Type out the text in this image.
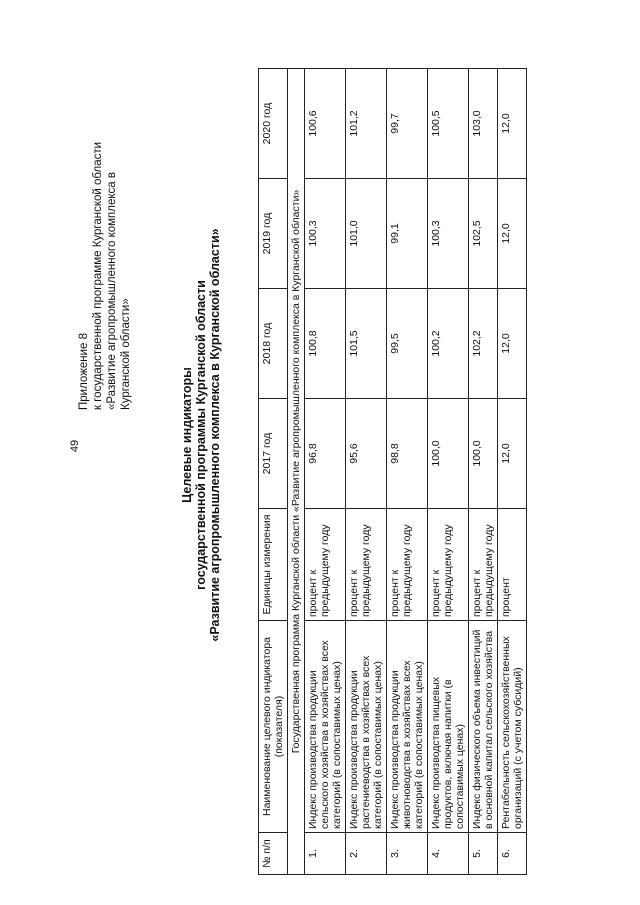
49
Приложение 8
к государственной программе Курганской области
«Развитие агропромышленного комплекса в
Курганской области»
Целевые индикаторы государственной программы Курганской области «Развитие агропромышленного комплекса в Курганской области»
№ п/п	Наименование целевого индикатора (показателя)	Единицы измерения	2017 год	2018 год	2019 год	2020 год
Государственная программа Курганской области «Развитие агропромышленного комплекса в Курганской области»						
1.	Индекс производства продукции сельского хозяйства в хозяйствах всех категорий (в сопоставимых ценах)	процент к предыдущему году	96,8	100,8	100,3	100,6
2.	Индекс производства продукции растениеводства в хозяйствах всех категорий (в сопоставимых ценах)	процент к предыдущему году	95,6	101,5	101,0	101,2
3.	Индекс производства продукции животноводства в хозяйствах всех категорий (в сопоставимых ценах)	процент к предыдущему году	98,8	99,5	99,1	99,7
4.	Индекс производства пищевых продуктов, включая напитки (в сопоставимых ценах)	процент к предыдущему году	100,0	100,2	100,3	100,5
5.	Индекс физического объема инвестиций в основной капитал сельского хозяйства	процент к предыдущему году	100,0	102,2	102,5	103,0
6.	Рентабельность сельскохозяйственных организаций (с учетом субсидий)	процент	12,0	12,0	12,0	12,0
